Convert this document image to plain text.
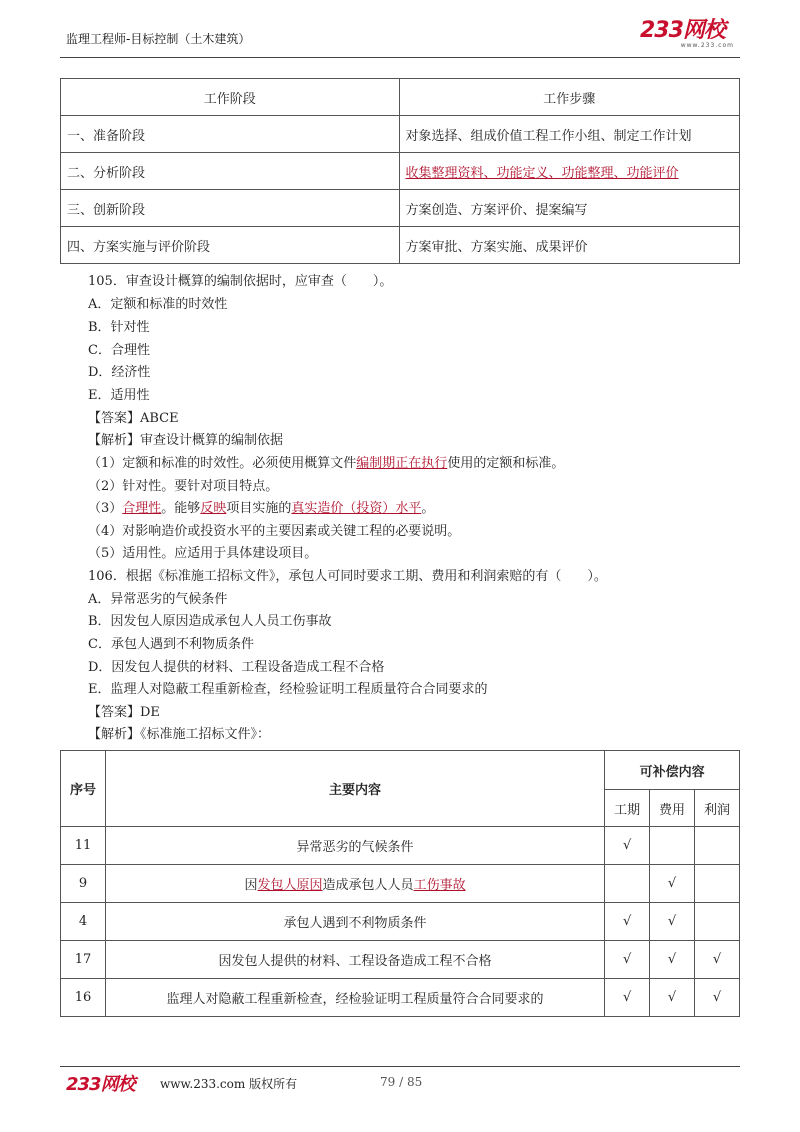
监理工程师-目标控制（土木建筑）	233网校
www.233.com
工作阶段	工作步骤
一、准备阶段	对象选择、组成价值工程工作小组、制定工作计划
二、分析阶段	收集整理资料、功能定义、功能整理、功能评价
三、创新阶段	方案创造、方案评价、提案编写
四、方案实施与评价阶段	方案审批、方案实施、成果评价
105．审查设计概算的编制依据时，应审查（　　）。
A．定额和标准的时效性
B．针对性
C．合理性
D．经济性
E．适用性
【答案】ABCE
【解析】审查设计概算的编制依据
（1）定额和标准的时效性。必须使用概算文件编制期正在执行使用的定额和标准。
（2）针对性。要针对项目特点。
（3）合理性。能够反映项目实施的真实造价（投资）水平。
（4）对影响造价或投资水平的主要因素或关键工程的必要说明。
（5）适用性。应适用于具体建设项目。
106．根据《标准施工招标文件》，承包人可同时要求工期、费用和利润索赔的有（　　）。
A．异常恶劣的气候条件
B．因发包人原因造成承包人人员工伤事故
C．承包人遇到不利物质条件
D．因发包人提供的材料、工程设备造成工程不合格
E．监理人对隐蔽工程重新检查，经检验证明工程质量符合合同要求的
【答案】DE
【解析】《标准施工招标文件》：
序号	主要内容	可补偿内容		
		工期	费用	利润
11	异常恶劣的气候条件	√		
9	因发包人原因造成承包人人员工伤事故		√	
4	承包人遇到不利物质条件	√	√	
17	因发包人提供的材料、工程设备造成工程不合格	√	√	√
16	监理人对隐蔽工程重新检查，经检验证明工程质量符合合同要求的	√	√	√
233网校 www.233.com 版权所有	79 / 85
